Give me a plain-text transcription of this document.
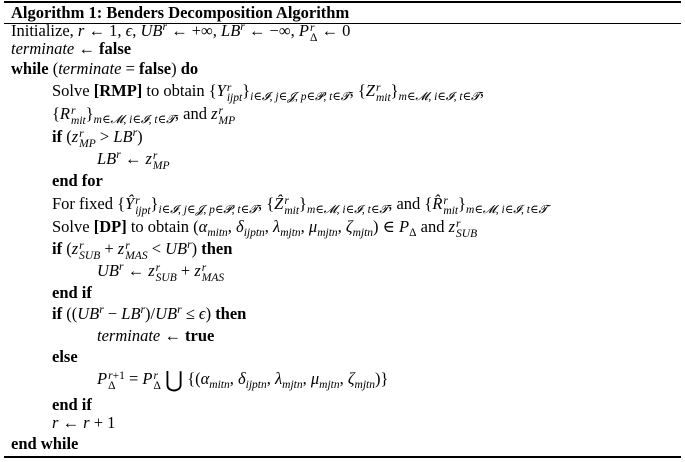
Algorithm 1: Benders Decomposition Algorithm
Initialize, r ← 1, ϵ, $UB^r$ ← +∞, $LB^r$ ← −∞, P r
Δ ← 0
terminate ← false
while (terminate = false) do
Solve [RMP] to obtain {Y r
ijpt }$_{i\in 𝓘, j\in 𝓙, p\in 𝓟, t\in 𝓣}$, {Z r
mit }$_{m\in 𝓜, i\in 𝓘, t\in 𝓣}$,
{R r
mit }$_{m\in 𝓜, i\in 𝓘, t\in 𝓣}$, and z r
MP
if (z r
MP > $LB^r$)
$LB^r$ ← z r
MP
end for
For fixed {Ŷ r
ijpt }$_{i\in 𝓘, j\in 𝓙, p\in 𝓟, t\in 𝓣}$, {Ẑ r
mit }$_{m\in 𝓜, i\in 𝓘, t\in 𝓣}$, and {R̂ r
mit }$_{m\in 𝓜, i\in 𝓘, t\in 𝓣}$
Solve [DP] to obtain ($\alpha_{mitn}$, $\delta_{ijptn}$, $\lambda_{mjtn}$, $\mu_{mjtn}$, $\zeta_{mjtn}$) ∈ $P_\Delta$ and z r
SUB
if (z r
SUB + z r
MAS < $UB^r$) then
$UB^r$ ← z r
SUB + z r
MAS
end if
if $((UB^r - LB^r)/UB^r \le \epsilon)$ then
terminate ← true
else
P r+1
Δ = P r
Δ ⋃ {($\alpha_{mitn}$, $\delta_{ijptn}$, $\lambda_{mjtn}$, $\mu_{mjtn}$, $\zeta_{mjtn}$)}
end if
r ← r + 1
end while
